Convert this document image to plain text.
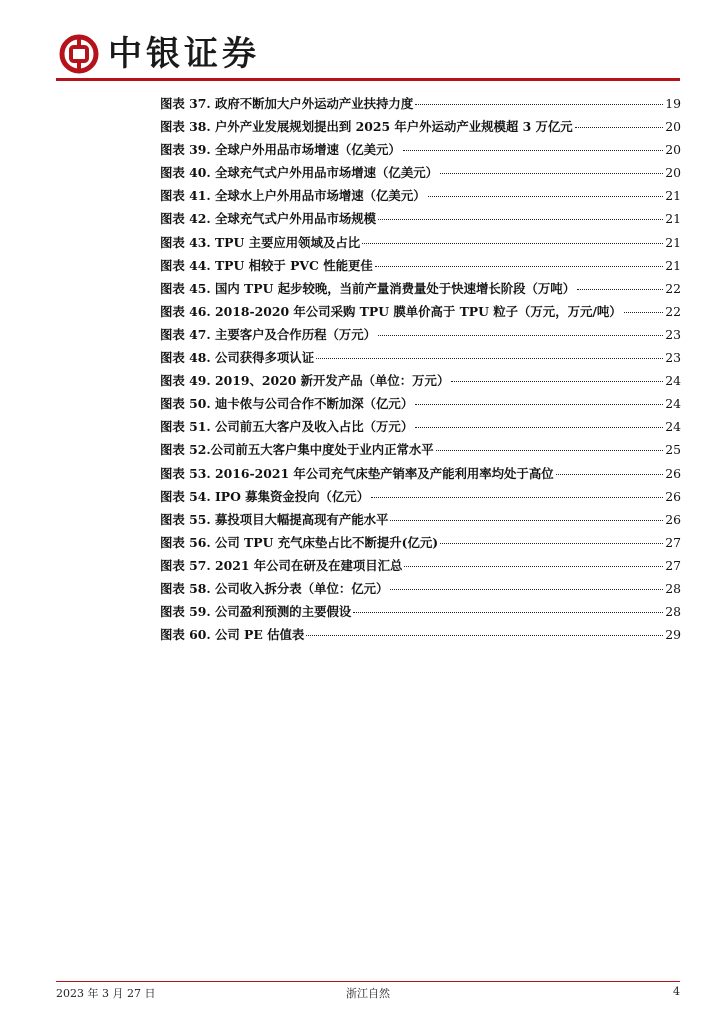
中银证券
图表 37. 政府不断加大户外运动产业扶持力度	19
图表 38. 户外产业发展规划提出到 2025 年户外运动产业规模超 3 万亿元	20
图表 39. 全球户外用品市场增速（亿美元）	20
图表 40. 全球充气式户外用品市场增速（亿美元）	20
图表 41. 全球水上户外用品市场增速（亿美元）	21
图表 42. 全球充气式户外用品市场规模	21
图表 43. TPU 主要应用领域及占比	21
图表 44. TPU 相较于 PVC 性能更佳	21
图表 45. 国内 TPU 起步较晚，当前产量消费量处于快速增长阶段（万吨）	22
图表 46. 2018-2020 年公司采购 TPU 膜单价高于 TPU 粒子（万元，万元/吨）	22
图表 47. 主要客户及合作历程（万元）	23
图表 48. 公司获得多项认证	23
图表 49. 2019、2020 新开发产品（单位：万元）	24
图表 50. 迪卡侬与公司合作不断加深（亿元）	24
图表 51. 公司前五大客户及收入占比（万元）	24
图表 52.公司前五大客户集中度处于业内正常水平	25
图表 53. 2016-2021 年公司充气床垫产销率及产能利用率均处于高位	26
图表 54. IPO 募集资金投向（亿元）	26
图表 55. 募投项目大幅提高现有产能水平	26
图表 56. 公司 TPU 充气床垫占比不断提升(亿元)	27
图表 57. 2021 年公司在研及在建项目汇总	27
图表 58. 公司收入拆分表（单位：亿元）	28
图表 59. 公司盈利预测的主要假设	28
图表 60. 公司 PE 估值表	29
2023 年 3 月 27 日	浙江自然	4
